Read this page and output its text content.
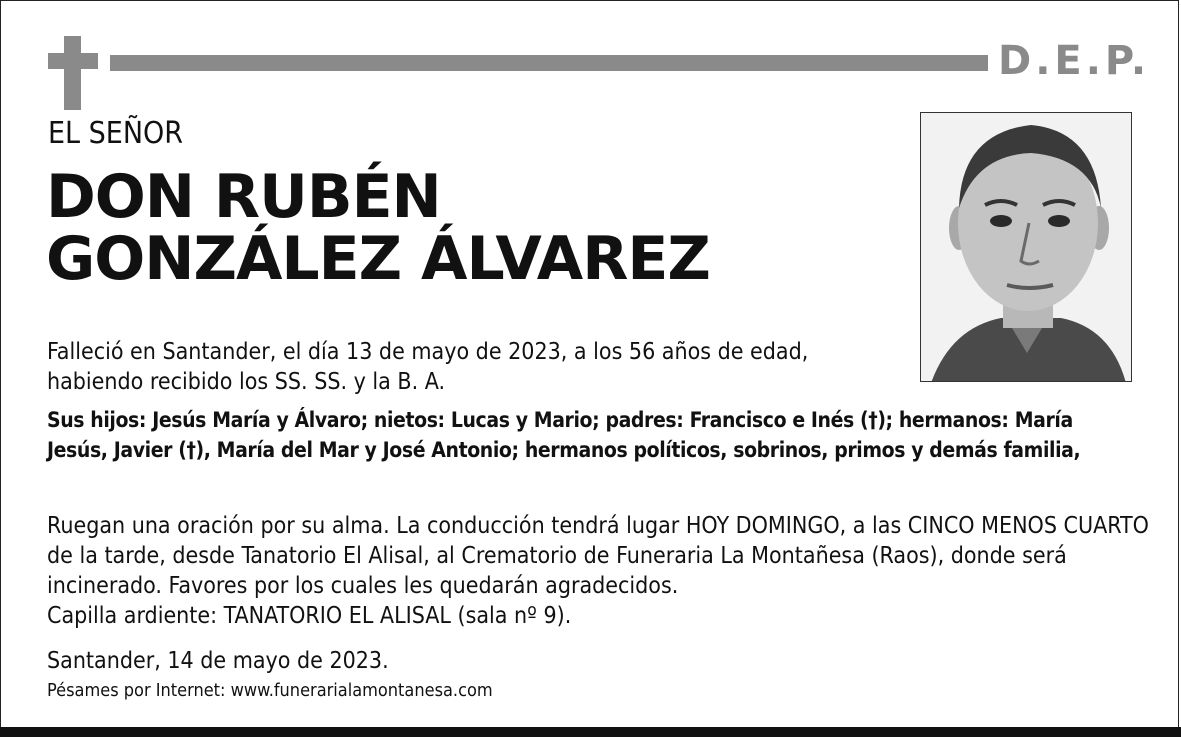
D.E.P.
EL SEÑOR
DON RUBÉN
GONZÁLEZ ÁLVAREZ
Falleció en Santander, el día 13 de mayo de 2023, a los 56 años de edad, habiendo recibido los SS. SS. y la B. A.
Sus hijos: Jesús María y Álvaro; nietos: Lucas y Mario; padres: Francisco e Inés (†); hermanos: María Jesús, Javier (†), María del Mar y José Antonio; hermanos políticos, sobrinos, primos y demás familia,
Ruegan una oración por su alma. La conducción tendrá lugar HOY DOMINGO, a las CINCO MENOS CUARTO de la tarde, desde Tanatorio El Alisal, al Crematorio de Funeraria La Montañesa (Raos), donde será incinerado. Favores por los cuales les quedarán agradecidos.
Capilla ardiente: TANATORIO EL ALISAL (sala nº 9).
Santander, 14 de mayo de 2023.
Pésames por Internet: www.funerarialamontanesa.com
